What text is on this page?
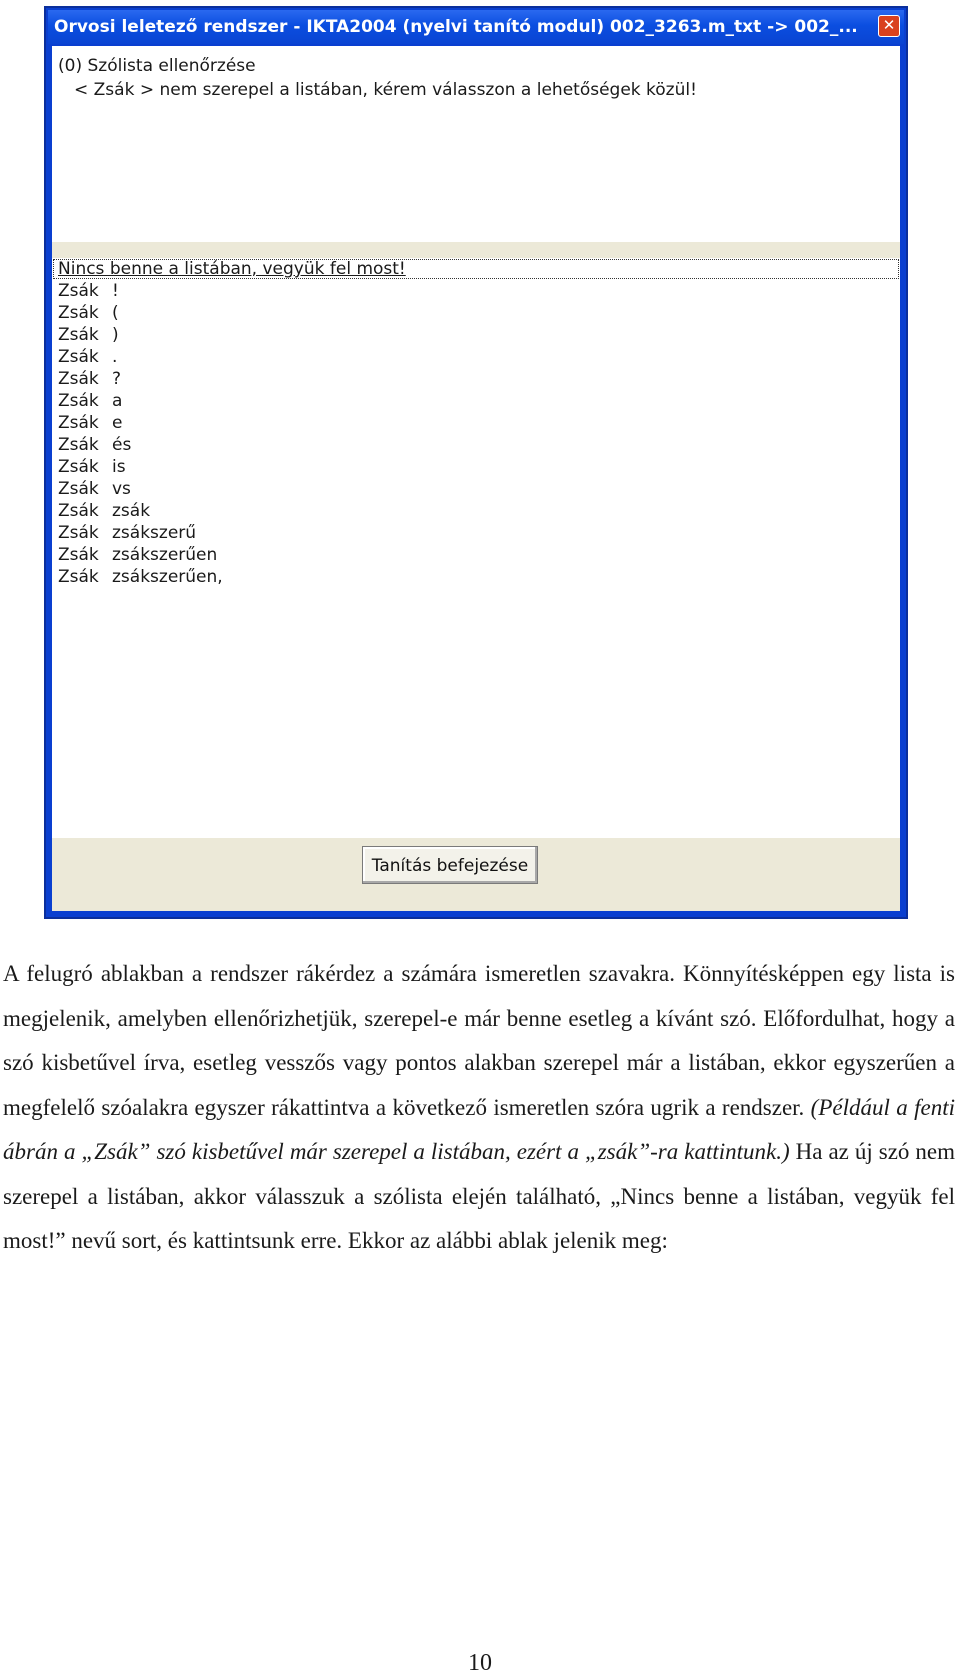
Orvosi leletező rendszer - IKTA2004 (nyelvi tanító modul) 002_3263.m_txt -> 002_...	✕
(0) Szólista ellenőrzése
< Zsák > nem szerepel a listában, kérem válasszon a lehetőségek közül!
Nincs benne a listában, vegyük fel most!
Zsák !
Zsák (
Zsák )
Zsák .
Zsák ?
Zsák a
Zsák e
Zsák és
Zsák is
Zsák vs
Zsák zsák
Zsák zsákszerű
Zsák zsákszerűen
Zsák zsákszerűen,
Tanítás befejezése
A felugró ablakban a rendszer rákérdez a számára ismeretlen szavakra. Könnyítésképpen egy lista is megjelenik, amelyben ellenőrizhetjük, szerepel-e már benne esetleg a kívánt szó. Előfordulhat, hogy a szó kisbetűvel írva, esetleg vesszős vagy pontos alakban szerepel már a listában, ekkor egyszerűen a megfelelő szóalakra egyszer rákattintva a következő ismeretlen szóra ugrik a rendszer. (Például a fenti ábrán a „Zsák” szó kisbetűvel már szerepel a listában, ezért a „zsák”-ra kattintunk.) Ha az új szó nem szerepel a listában, akkor válasszuk a szólista elején található, „Nincs benne a listában, vegyük fel most!” nevű sort, és kattintsunk erre. Ekkor az alábbi ablak jelenik meg:
10
